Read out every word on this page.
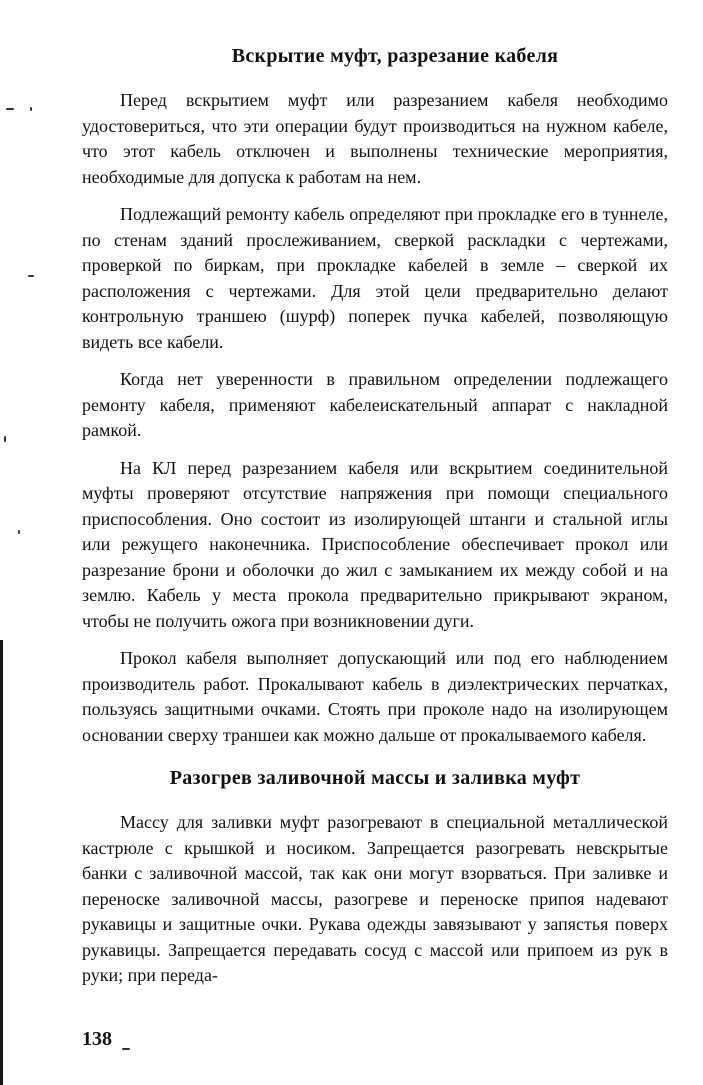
Вскрытие муфт, разрезание кабеля

Перед вскрытием муфт или разрезанием кабеля необходимо удостовериться, что эти операции будут производиться на нужном кабеле, что этот кабель отключен и выполнены технические мероприятия, необходимые для допуска к работам на нем.

Подлежащий ремонту кабель определяют при прокладке его в туннеле, по стенам зданий прослеживанием, сверкой раскладки с чертежами, проверкой по биркам, при прокладке кабелей в земле – сверкой их расположения с чертежами. Для этой цели предварительно делают контрольную траншею (шурф) поперек пучка кабелей, позволяющую видеть все кабели.

Когда нет уверенности в правильном определении подлежащего ремонту кабеля, применяют кабелеискательный аппарат с накладной рамкой.

На КЛ перед разрезанием кабеля или вскрытием соединительной муфты проверяют отсутствие напряжения при помощи специального приспособления. Оно состоит из изолирующей штанги и стальной иглы или режущего наконечника. Приспособление обеспечивает прокол или разрезание брони и оболочки до жил с замыканием их между собой и на землю. Кабель у места прокола предварительно прикрывают экраном, чтобы не получить ожога при возникновении дуги.

Прокол кабеля выполняет допускающий или под его наблюдением производитель работ. Прокалывают кабель в диэлектрических перчатках, пользуясь защитными очками. Стоять при проколе надо на изолирующем основании сверху траншеи как можно дальше от прокалываемого кабеля.

Разогрев заливочной массы и заливка муфт

Массу для заливки муфт разогревают в специальной металлической кастрюле с крышкой и носиком. Запрещается разогревать невскрытые банки с заливочной массой, так как они могут взорваться. При заливке и переноске заливочной массы, разогреве и переноске припоя надевают рукавицы и защитные очки. Рукава одежды завязывают у запястья поверх рукавицы. Запрещается передавать сосуд с массой или припоем из рук в руки; при переда-

138
